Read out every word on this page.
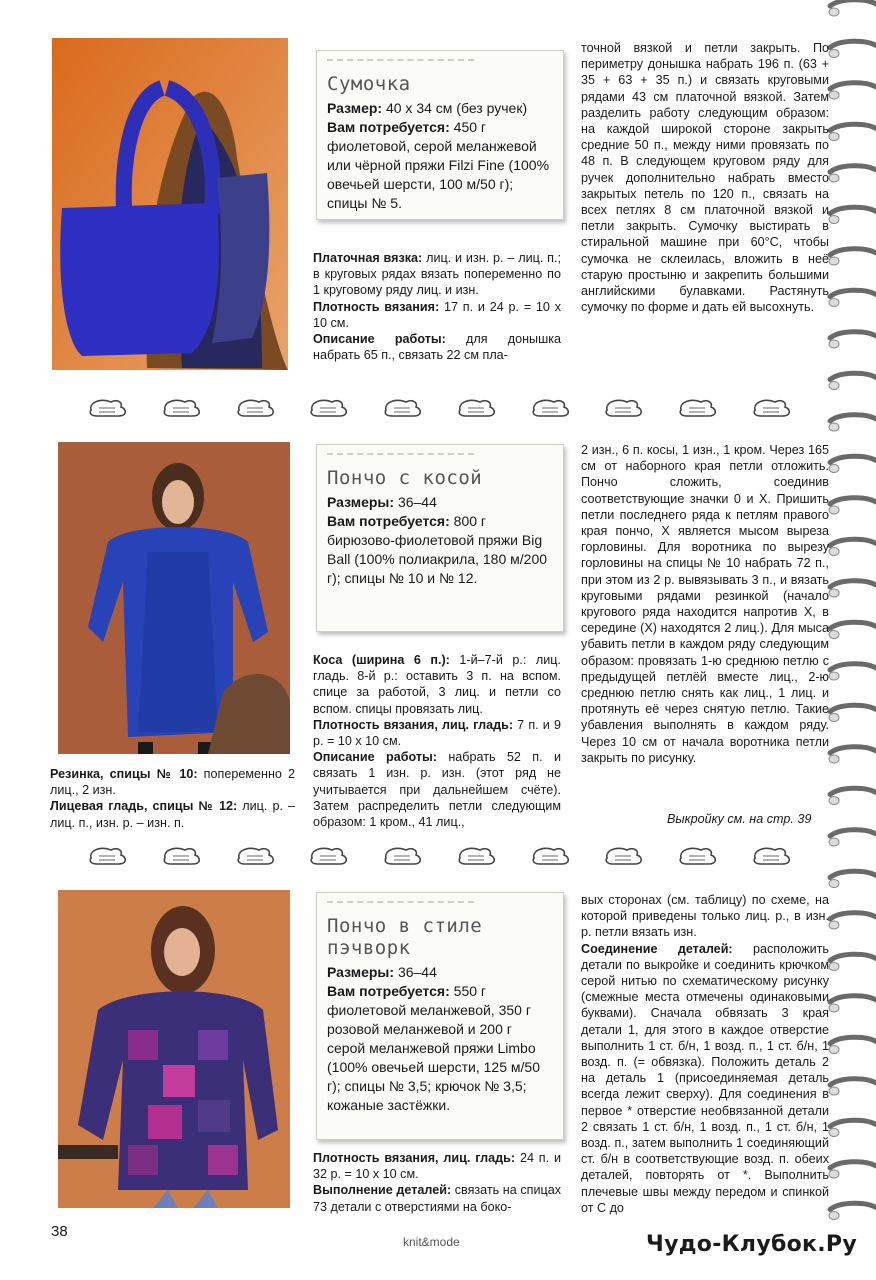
Сумочка

Размер: 40 х 34 см (без ручек)

Вам потребуется: 450 г фиолетовой, серой меланжевой или чёрной пряжи Filzi Fine (100% овечьей шерсти, 100 м/50 г); спицы № 5.

Платочная вязка: лиц. и изн. р. – лиц. п.; в круговых рядах вязать попеременно по 1 круговому ряду лиц. и изн.

Плотность вязания: 17 п. и 24 р. = 10 х 10 см.

Описание работы: для донышка набрать 65 п., связать 22 см пла-

точной вязкой и петли закрыть. По периметру донышка набрать 196 п. (63 + 35 + 63 + 35 п.) и связать круговыми рядами 43 см платочной вязкой. Затем разделить работу следующим образом: на каждой широкой стороне закрыть средние 50 п., между ними провязать по 48 п. В следующем круговом ряду для ручек дополнительно набрать вместо закрытых петель по 120 п., связать на всех петлях 8 см платочной вязкой и петли закрыть. Сумочку выстирать в стиральной машине при 60°С, чтобы сумочка не склеилась, вложить в неё старую простыню и закрепить большими английскими булавками. Растянуть сумочку по форме и дать ей высохнуть.

Пончо с косой

Размеры: 36–44

Вам потребуется: 800 г бирюзово-фиолетовой пряжи Big Ball (100% полиакрила, 180 м/200 г); спицы № 10 и № 12.

Резинка, спицы № 10: попеременно 2 лиц., 2 изн.

Лицевая гладь, спицы № 12: лиц. р. – лиц. п., изн. р. – изн. п.

Коса (ширина 6 п.): 1-й–7-й р.: лиц. гладь. 8-й р.: оставить 3 п. на вспом. спице за работой, 3 лиц. и петли со вспом. спицы провязать лиц.

Плотность вязания, лиц. гладь: 7 п. и 9 р. = 10 х 10 см.

Описание работы: набрать 52 п. и связать 1 изн. р. изн. (этот ряд не учитывается при дальнейшем счёте). Затем распределить петли следующим образом: 1 кром., 41 лиц.,

2 изн., 6 п. косы, 1 изн., 1 кром. Через 165 см от наборного края петли отложить. Пончо сложить, соединив соответствующие значки 0 и Х. Пришить петли последнего ряда к петлям правого края пончо, Х является мысом выреза горловины. Для воротника по вырезу горловины на спицы № 10 набрать 72 п., при этом из 2 р. вывязывать 3 п., и вязать круговыми рядами резинкой (начало кругового ряда находится напротив Х, в середине (Х) находятся 2 лиц.). Для мыса убавить петли в каждом ряду следующим образом: провязать 1-ю среднюю петлю с предыдущей петлёй вместе лиц., 2-ю среднюю петлю снять как лиц., 1 лиц. и протянуть её через снятую петлю. Такие убавления выполнять в каждом ряду. Через 10 см от начала воротника петли закрыть по рисунку.

Выкройку см. на стр. 39
Пончо в стиле пэчворк

Размеры: 36–44

Вам потребуется: 550 г фиолетовой меланжевой, 350 г розовой меланжевой и 200 г серой меланжевой пряжи Limbo (100% овечьей шерсти, 125 м/50 г); спицы № 3,5; крючок № 3,5; кожаные застёжки.

Плотность вязания, лиц. гладь: 24 п. и 32 р. = 10 х 10 см.

Выполнение деталей: связать на спицах 73 детали с отверстиями на боко-

вых сторонах (см. таблицу) по схеме, на которой приведены только лиц. р., в изн. р. петли вязать изн.

Соединение деталей: расположить детали по выкройке и соединить крючком серой нитью по схематическому рисунку (смежные места отмечены одинаковыми буквами). Сначала обвязать 3 края детали 1, для этого в каждое отверстие выполнить 1 ст. б/н, 1 возд. п., 1 ст. б/н, 1 возд. п. (= обвязка). Положить деталь 2 на деталь 1 (присоединяемая деталь всегда лежит сверху). Для соединения в первое * отверстие необвязанной детали 2 связать 1 ст. б/н, 1 возд. п., 1 ст. б/н, 1 возд. п., затем выполнить 1 соединяющий ст. б/н в соответствующие возд. п. обеих деталей, повторять от *. Выполнить плечевые швы между передом и спинкой от С до

38
knit&mode	Чудо-Клубок.Ру
